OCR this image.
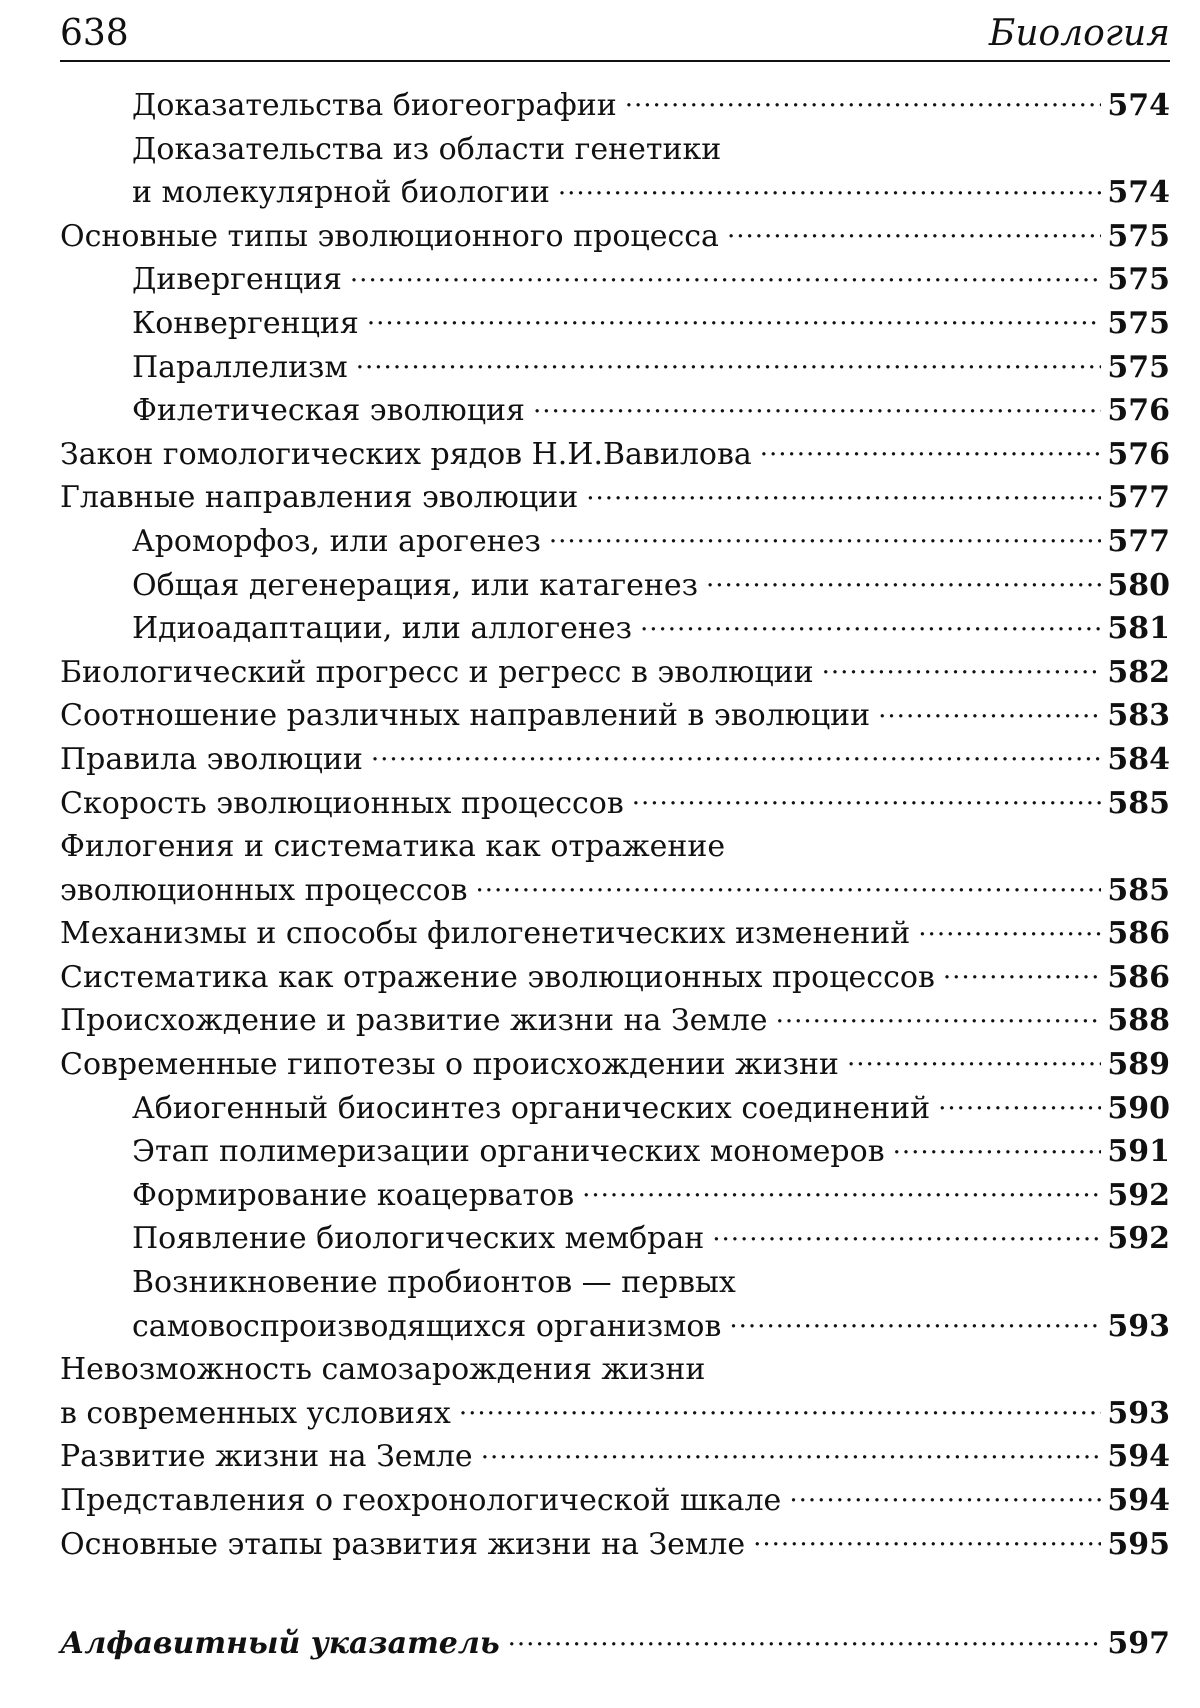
638	Биология
Доказательства биогеографии .....	574
Доказательства из области генетики
и молекулярной биологии .....	574
Основные типы эволюционного процесса .....	575
Дивергенция .....	575
Конвергенция .....	575
Параллелизм .....	575
Филетическая эволюция .....	576
Закон гомологических рядов Н.И.Вавилова .....	576
Главные направления эволюции .....	577
Ароморфоз, или арогенез .....	577
Общая дегенерация, или катагенез .....	580
Идиоадаптации, или аллогенез .....	581
Биологический прогресс и регресс в эволюции .....	582
Соотношение различных направлений в эволюции .....	583
Правила эволюции .....	584
Скорость эволюционных процессов .....	585
Филогения и систематика как отражение
эволюционных процессов .....	585
Механизмы и способы филогенетических изменений .....	586
Систематика как отражение эволюционных процессов .....	586
Происхождение и развитие жизни на Земле .....	588
Современные гипотезы о происхождении жизни .....	589
Абиогенный биосинтез органических соединений .....	590
Этап полимеризации органических мономеров .....	591
Формирование коацерватов .....	592
Появление биологических мембран .....	592
Возникновение пробионтов — первых
самовоспроизводящихся организмов .....	593
Невозможность самозарождения жизни
в современных условиях .....	593
Развитие жизни на Земле .....	594
Представления о геохронологической шкале .....	594
Основные этапы развития жизни на Земле .....	595
Алфавитный указатель .....	597
